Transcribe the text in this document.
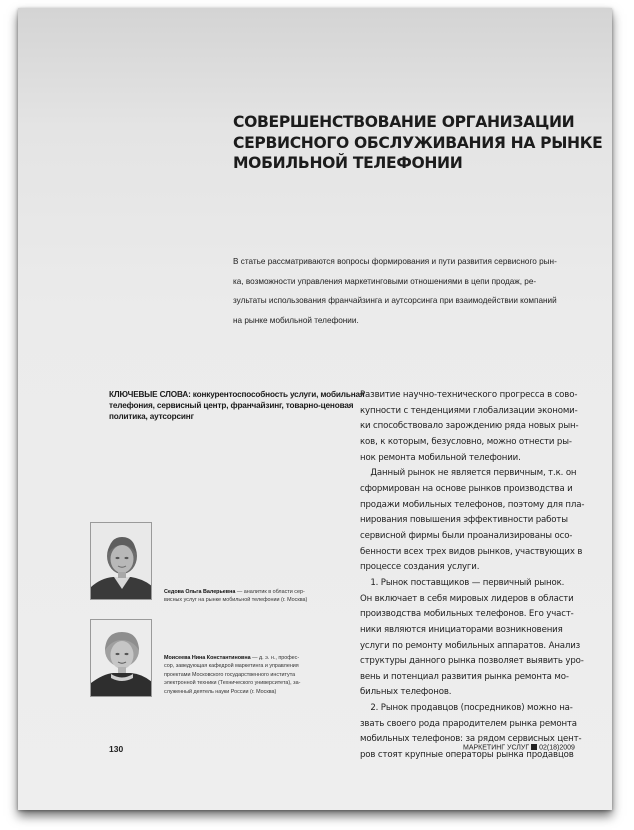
СОВЕРШЕНСТВОВАНИЕ ОРГАНИЗАЦИИ
СЕРВИСНОГО ОБСЛУЖИВАНИЯ НА РЫНКЕ
МОБИЛЬНОЙ ТЕЛЕФОНИИ
В статье рассматриваются вопросы формирования и пути развития сервисного рын-
ка, возможности управления маркетинговыми отношениями в цепи продаж, ре-
зультаты использования франчайзинга и аутсорсинга при взаимодействии компаний
на рынке мобильной телефонии.
КЛЮЧЕВЫЕ СЛОВА: конкурентоспособность услуги, мобильная
телефония, сервисный центр, франчайзинг, товарно-ценовая
политика, аутсорсинг
Развитие научно-технического прогресса в сово-
купности с тенденциями глобализации экономи-
ки способствовало зарождению ряда новых рын-
ков, к которым, безусловно, можно отнести ры-
нок ремонта мобильной телефонии.
Данный рынок не является первичным, т.к. он
сформирован на основе рынков производства и
продажи мобильных телефонов, поэтому для пла-
нирования повышения эффективности работы
сервисной фирмы были проанализированы осо-
бенности всех трех видов рынков, участвующих в
процессе создания услуги.
1. Рынок поставщиков — первичный рынок.
Он включает в себя мировых лидеров в области
производства мобильных телефонов. Его участ-
ники являются инициаторами возникновения
услуги по ремонту мобильных аппаратов. Анализ
структуры данного рынка позволяет выявить уро-
вень и потенциал развития рынка ремонта мо-
бильных телефонов.
2. Рынок продавцов (посредников) можно на-
звать своего рода прародителем рынка ремонта
мобильных телефонов: за рядом сервисных цент-
ров стоят крупные операторы рынка продавцов
Седова Ольга Валерьевна — аналитик в области сер-
висных услуг на рынке мобильной телефонии (г. Москва)
Моисеева Нина Константиновна — д. э. н., профес-
сор, заведующая кафедрой маркетинга и управления
проектами Московского государственного института
электронной техники (Технического университета), за-
служенный деятель науки России (г. Москва)
130	МАРКЕТИНГ УСЛУГ 02(18)2009
